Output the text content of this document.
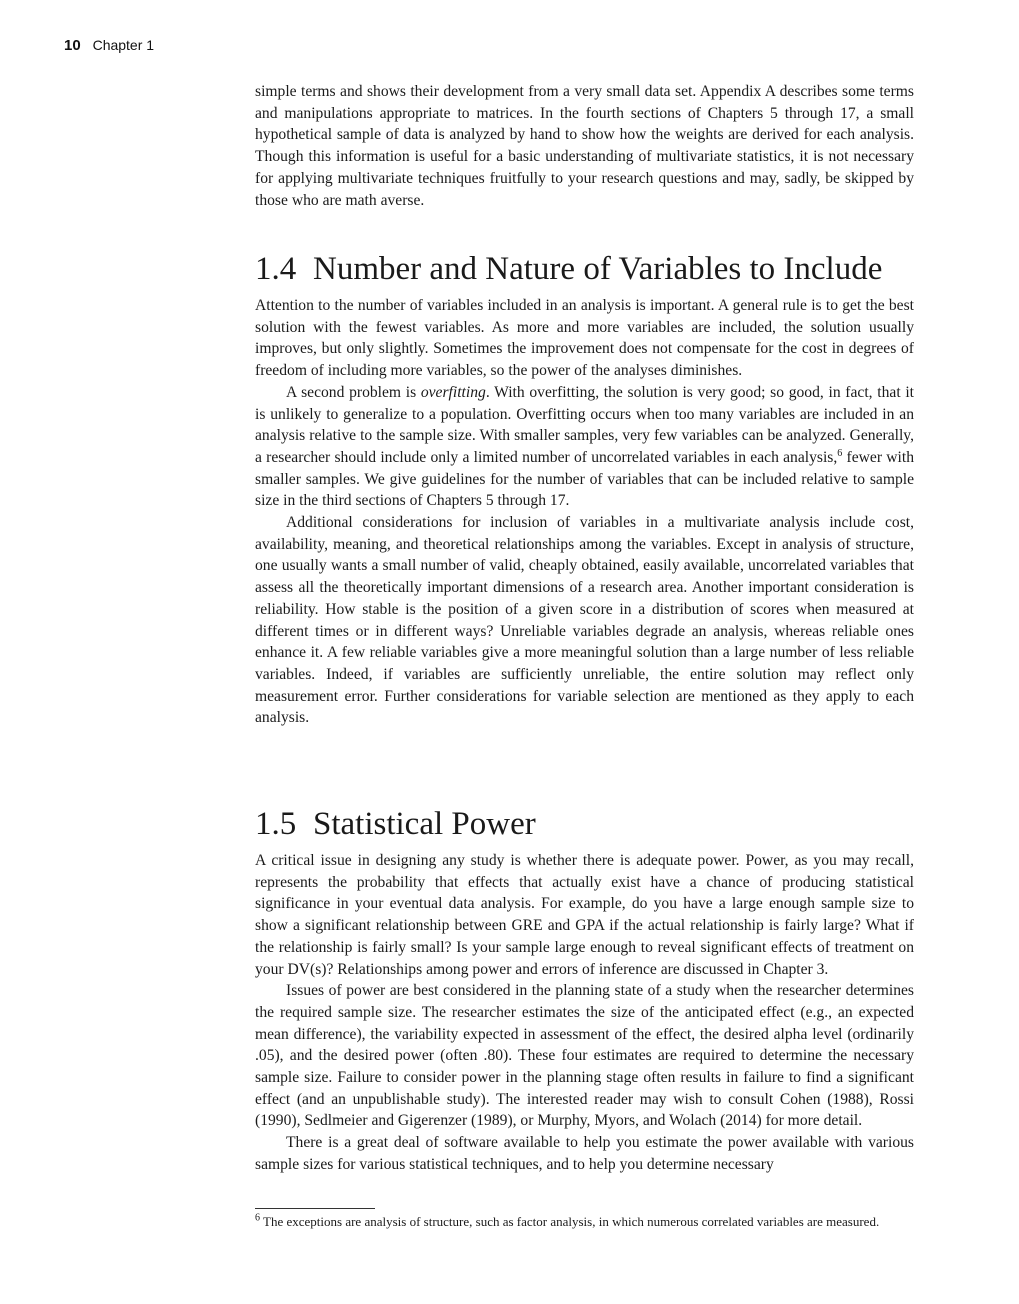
10 Chapter 1

simple terms and shows their development from a very small data set. Appendix A describes some terms and manipulations appropriate to matrices. In the fourth sections of Chapters 5 through 17, a small hypothetical sample of data is analyzed by hand to show how the weights are derived for each analysis. Though this information is useful for a basic understanding of multivariate statistics, it is not necessary for applying multivariate techniques fruitfully to your research questions and may, sadly, be skipped by those who are math averse.

1.4 Number and Nature of Variables to Include

Attention to the number of variables included in an analysis is important. A general rule is to get the best solution with the fewest variables. As more and more variables are included, the solution usually improves, but only slightly. Sometimes the improvement does not compensate for the cost in degrees of freedom of including more variables, so the power of the analyses diminishes.

A second problem is overfitting. With overfitting, the solution is very good; so good, in fact, that it is unlikely to generalize to a population. Overfitting occurs when too many variables are included in an analysis relative to the sample size. With smaller samples, very few variables can be analyzed. Generally, a researcher should include only a limited number of uncorrelated variables in each analysis,$^6$ fewer with smaller samples. We give guidelines for the number of variables that can be included relative to sample size in the third sections of Chapters 5 through 17.

Additional considerations for inclusion of variables in a multivariate analysis include cost, availability, meaning, and theoretical relationships among the variables. Except in analysis of structure, one usually wants a small number of valid, cheaply obtained, easily available, uncorrelated variables that assess all the theoretically important dimensions of a research area. Another important consideration is reliability. How stable is the position of a given score in a distribution of scores when measured at different times or in different ways? Unreliable variables degrade an analysis, whereas reliable ones enhance it. A few reliable variables give a more meaningful solution than a large number of less reliable variables. Indeed, if variables are sufficiently unreliable, the entire solution may reflect only measurement error. Further considerations for variable selection are mentioned as they apply to each analysis.

1.5 Statistical Power

A critical issue in designing any study is whether there is adequate power. Power, as you may recall, represents the probability that effects that actually exist have a chance of producing statistical significance in your eventual data analysis. For example, do you have a large enough sample size to show a significant relationship between GRE and GPA if the actual relationship is fairly large? What if the relationship is fairly small? Is your sample large enough to reveal significant effects of treatment on your DV(s)? Relationships among power and errors of inference are discussed in Chapter 3.

Issues of power are best considered in the planning state of a study when the researcher determines the required sample size. The researcher estimates the size of the anticipated effect (e.g., an expected mean difference), the variability expected in assessment of the effect, the desired alpha level (ordinarily .05), and the desired power (often .80). These four estimates are required to determine the necessary sample size. Failure to consider power in the planning stage often results in failure to find a significant effect (and an unpublishable study). The interested reader may wish to consult Cohen (1988), Rossi (1990), Sedlmeier and Gigerenzer (1989), or Murphy, Myors, and Wolach (2014) for more detail.

There is a great deal of software available to help you estimate the power available with various sample sizes for various statistical techniques, and to help you determine necessary

$^6$ The exceptions are analysis of structure, such as factor analysis, in which numerous correlated variables are measured.
